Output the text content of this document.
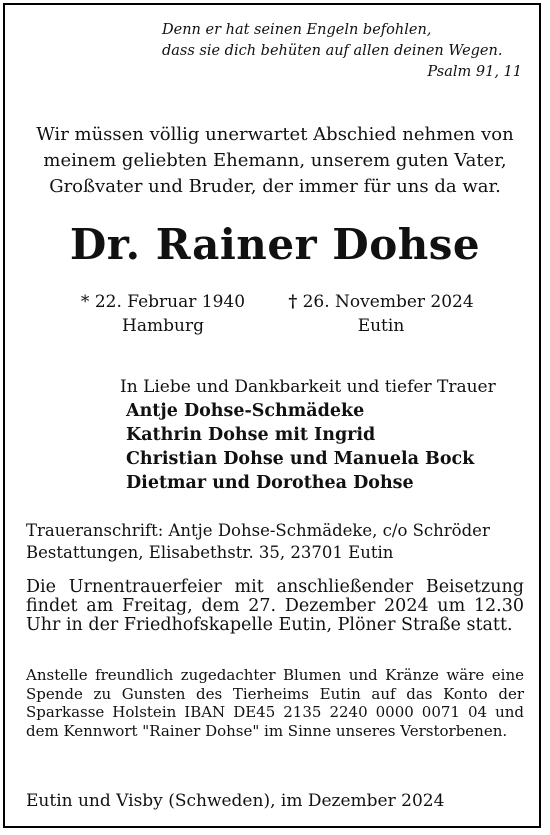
Denn er hat seinen Engeln befohlen,
dass sie dich behüten auf allen deinen Wegen.
Psalm 91, 11
Wir müssen völlig unerwartet Abschied nehmen von
meinem geliebten Ehemann, unserem guten Vater,
Großvater und Bruder, der immer für uns da war.
Dr. Rainer Dohse
* 22. Februar 1940
Hamburg
† 26. November 2024
Eutin
In Liebe und Dankbarkeit und tiefer Trauer
Antje Dohse-Schmädeke
Kathrin Dohse mit Ingrid
Christian Dohse und Manuela Bock
Dietmar und Dorothea Dohse
Traueranschrift: Antje Dohse-Schmädeke, c/o Schröder
Bestattungen, Elisabethstr. 35, 23701 Eutin
Die Urnentrauerfeier mit anschließender Beisetzung findet am Freitag, dem 27. Dezember 2024 um 12.30 Uhr in der Friedhofskapelle Eutin, Plöner Straße statt.
Anstelle freundlich zugedachter Blumen und Kränze wäre eine Spende zu Gunsten des Tierheims Eutin auf das Konto der Sparkasse Holstein IBAN DE45 2135 2240 0000 0071 04 und dem Kennwort "Rainer Dohse" im Sinne unseres Verstorbenen.
Eutin und Visby (Schweden), im Dezember 2024
